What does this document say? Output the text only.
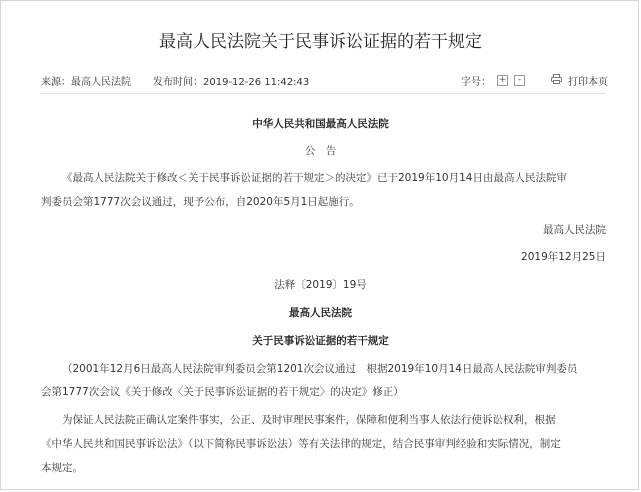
最高人民法院关于民事诉讼证据的若干规定
来源：最高人民法院 发布时间：2019-12-26 11:42:43	字号： +	-	打印本页

中华人民共和国最高人民法院

公　告

《最高人民法院关于修改＜关于民事诉讼证据的若干规定＞的决定》已于2019年10月14日由最高人民法院审

判委员会第1777次会议通过，现予公布，自2020年5月1日起施行。

最高人民法院

2019年12月25日

法释〔2019〕19号

最高人民法院

关于民事诉讼证据的若干规定

（2001年12月6日最高人民法院审判委员会第1201次会议通过　根据2019年10月14日最高人民法院审判委员

会第1777次会议《关于修改〈关于民事诉讼证据的若干规定〉的决定》修正）

为保证人民法院正确认定案件事实，公正、及时审理民事案件，保障和便利当事人依法行使诉讼权利，根据

《中华人民共和国民事诉讼法》（以下简称民事诉讼法）等有关法律的规定，结合民事审判经验和实际情况，制定

本规定。
